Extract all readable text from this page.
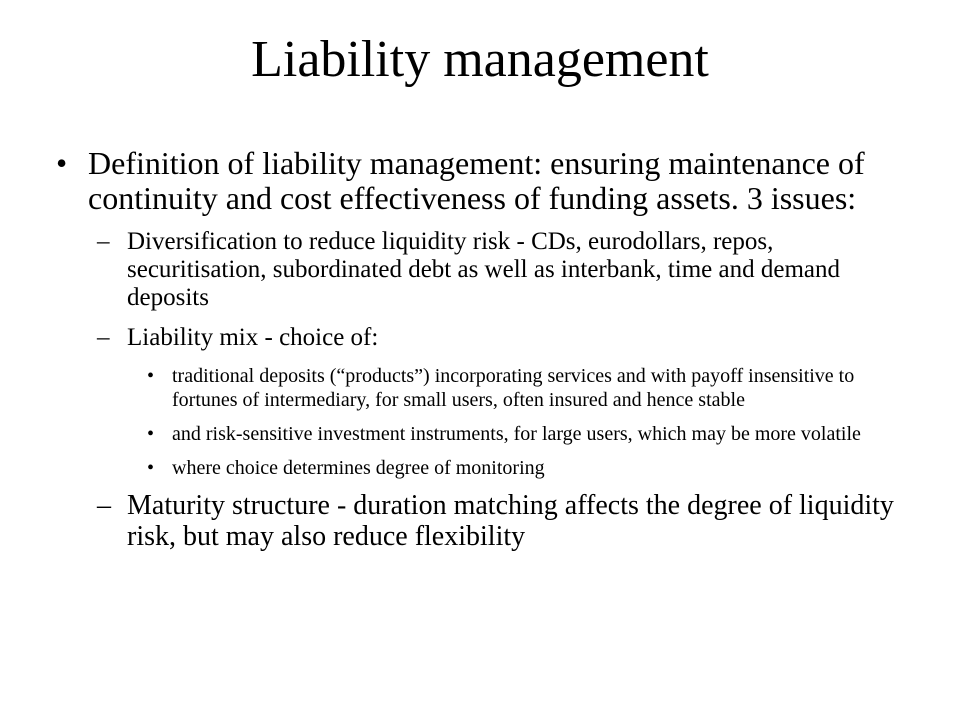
Liability management
• Definition of liability management: ensuring maintenance of continuity and cost effectiveness of funding assets. 3 issues:
– Diversification to reduce liquidity risk - CDs, eurodollars, repos, securitisation, subordinated debt as well as interbank, time and demand deposits
– Liability mix - choice of:
• traditional deposits (“products”) incorporating services and with payoff insensitive to fortunes of intermediary, for small users, often insured and hence stable
• and risk-sensitive investment instruments, for large users, which may be more volatile
• where choice determines degree of monitoring
– Maturity structure - duration matching affects the degree of liquidity risk, but may also reduce flexibility
